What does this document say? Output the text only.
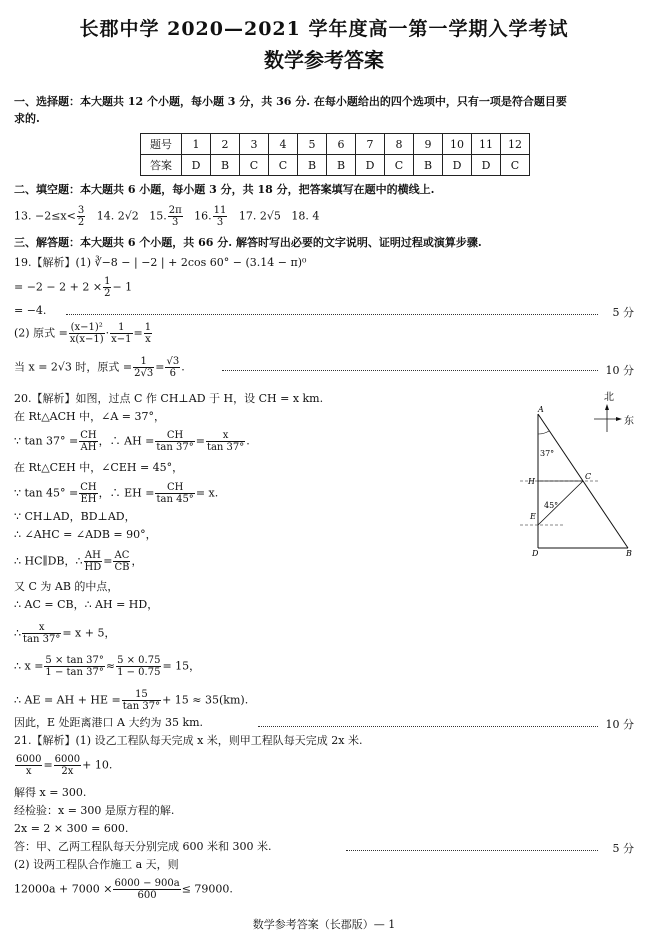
长郡中学 2020—2021 学年度高一第一学期入学考试
数学参考答案
一、选择题：本大题共 12 个小题，每小题 3 分，共 36 分. 在每小题给出的四个选项中，只有一项是符合题目要
求的.
题号	1	2	3	4	5	6	7	8	9	10	11	12
答案	D	B	C	C	B	B	D	C	B	D	D	C
二、填空题：本大题共 6 小题，每小题 3 分，共 18 分，把答案填写在题中的横线上.
13. $-2\le x< \frac{3}{2} 14$. 2√2 15. $\frac{2\pi}{3} 16$. $\frac{11}{3} 17$. 2√5 18. 4
三、解答题：本大题共 6 个小题，共 66 分. 解答时写出必要的文字说明、证明过程或演算步骤.
19.【解析】(1) ∛−8 − | −2 | + 2cos 60° − (3.14 − π)⁰
= $-2 - 2 + 2 \times \frac{1}{2} - 1$
= −4.	5 分
(2) 原式 = $\frac{\text{(x−1)²}}{x(x-1)} \cdot \frac{1}{x-1} = \frac{1}{x}$
当 x = 2√3 时，原式 = $\frac{1}{2√3} = \frac{√3}{6}$ .	10 分
20.【解析】如图，过点 C 作 CH⊥AD 于 H，设 CH = x km.
在 Rt△ACH 中，∠A = 37°，
∵ $\tan 37^\circ = \frac{CH}{AH}$ ，∴ AH = $\frac{CH}{\tan 37^\circ} = \frac{x}{\tan 37^\circ}$ .
在 Rt△CEH 中，∠CEH = 45°，
∵ $\tan 45^\circ = \frac{CH}{EH}$ ，∴ EH = $\frac{CH}{\tan 45^\circ} = x$.
∵ CH⊥AD，BD⊥AD，
∴ ∠AHC = ∠ADB = 90°，
∴ HC∥DB，∴ $\frac{AH}{HD} = \frac{AC}{CB}$ ，
又 C 为 AB 的中点，
∴ AC = CB，∴ AH = HD，
∴ $\frac{x}{\tan 37^\circ} = x + 5$，
∴ $x = \frac{5 \times \tan 37^\circ}{1 - \tan 37^\circ} \approx \frac{5 \times 0.75}{1 - 0.75} = 15$，
∴ AE = AH + HE = $\frac{15}{\tan 37^\circ} + 15 \approx 35(km)$.
因此，E 处距离港口 A 大约为 35 km.	10 分
北
东
A
37°
H
C
45°
E
D	B
21.【解析】(1) 设乙工程队每天完成 x 米，则甲工程队每天完成 2x 米.
$\frac{6000}{x} = \frac{6000}{2x} + 10$.
解得 x = 300.
经检验：x = 300 是原方程的解.
2x = 2 × 300 = 600.
答：甲、乙两工程队每天分别完成 600 米和 300 米.	5 分
(2) 设两工程队合作施工 a 天，则
$12000a + 7000 \times \frac{6000 - 900a}{600} \le 79000$.
数学参考答案（长郡版）— 1
